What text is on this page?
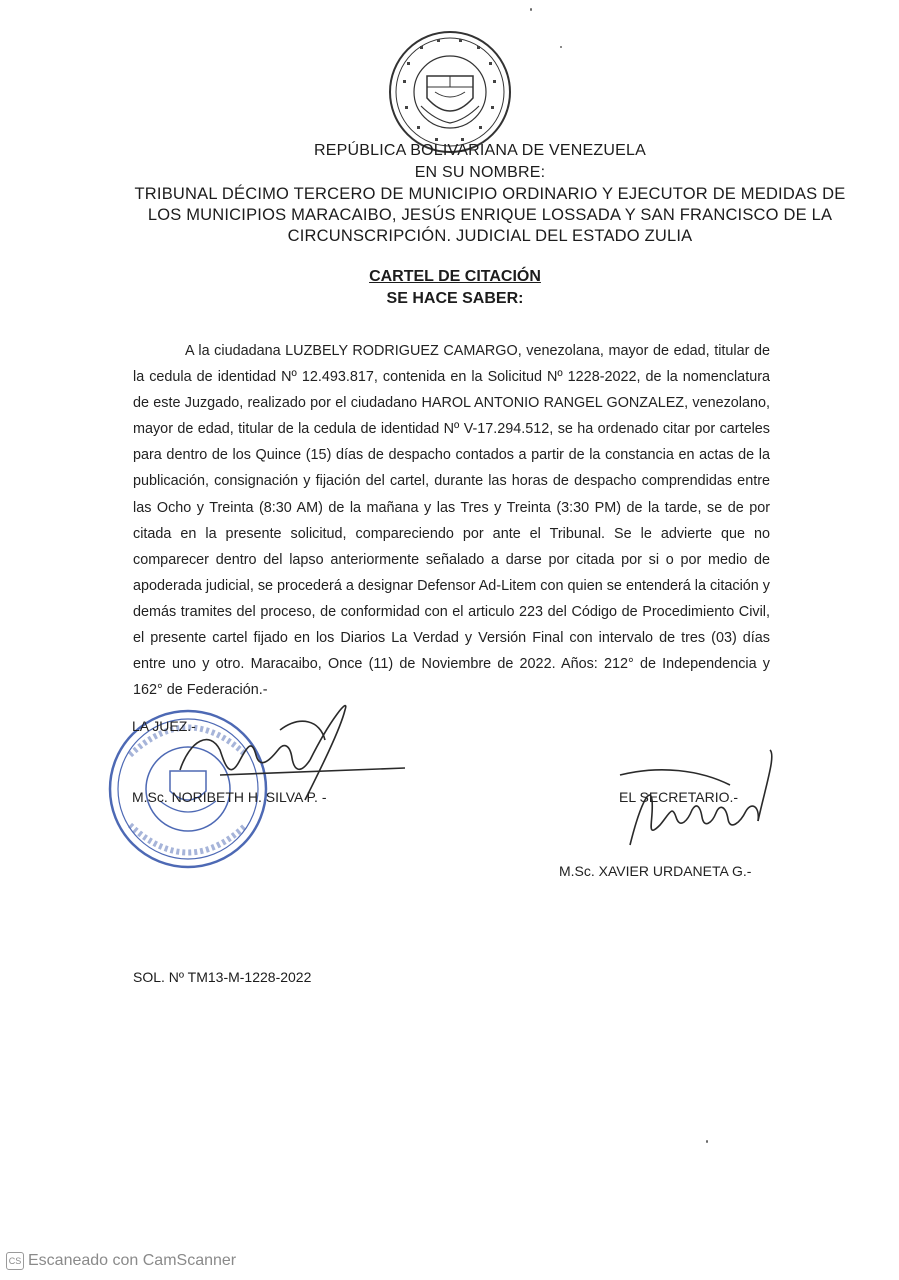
REPÚBLICA BOLIVARIANA DE VENEZUELA
EN SU NOMBRE:
TRIBUNAL DÉCIMO TERCERO DE MUNICIPIO ORDINARIO Y EJECUTOR DE MEDIDAS DE LOS MUNICIPIOS MARACAIBO, JESÚS ENRIQUE LOSSADA Y SAN FRANCISCO DE LA CIRCUNSCRIPCIÓN. JUDICIAL DEL ESTADO ZULIA
CARTEL DE CITACIÓN
SE HACE SABER:

A la ciudadana LUZBELY RODRIGUEZ CAMARGO, venezolana, mayor de edad, titular de la cedula de identidad Nº 12.493.817, contenida en la Solicitud Nº 1228-2022, de la nomenclatura de este Juzgado, realizado por el ciudadano HAROL ANTONIO RANGEL GONZALEZ, venezolano, mayor de edad, titular de la cedula de identidad Nº V-17.294.512, se ha ordenado citar por carteles para dentro de los Quince (15) días de despacho contados a partir de la constancia en actas de la publicación, consignación y fijación del cartel, durante las horas de despacho comprendidas entre las Ocho y Treinta (8:30 AM) de la mañana y las Tres y Treinta (3:30 PM) de la tarde, se de por citada en la presente solicitud, compareciendo por ante el Tribunal. Se le advierte que no comparecer dentro del lapso anteriormente señalado a darse por citada por si o por medio de apoderada judicial, se procederá a designar Defensor Ad-Litem con quien se entenderá la citación y demás tramites del proceso, de conformidad con el articulo 223 del Código de Procedimiento Civil, el presente cartel fijado en los Diarios La Verdad y Versión Final con intervalo de tres (03) días entre uno y otro. Maracaibo, Once (11) de Noviembre de 2022. Años: 212° de Independencia y 162° de Federación.-

LA JUEZ.-
M.Sc. NORIBETH H. SILVA P. -	EL SECRETARIO.-
M.Sc. XAVIER URDANETA G.-
SOL. Nº TM13-M-1228-2022
CS Escaneado con CamScanner
